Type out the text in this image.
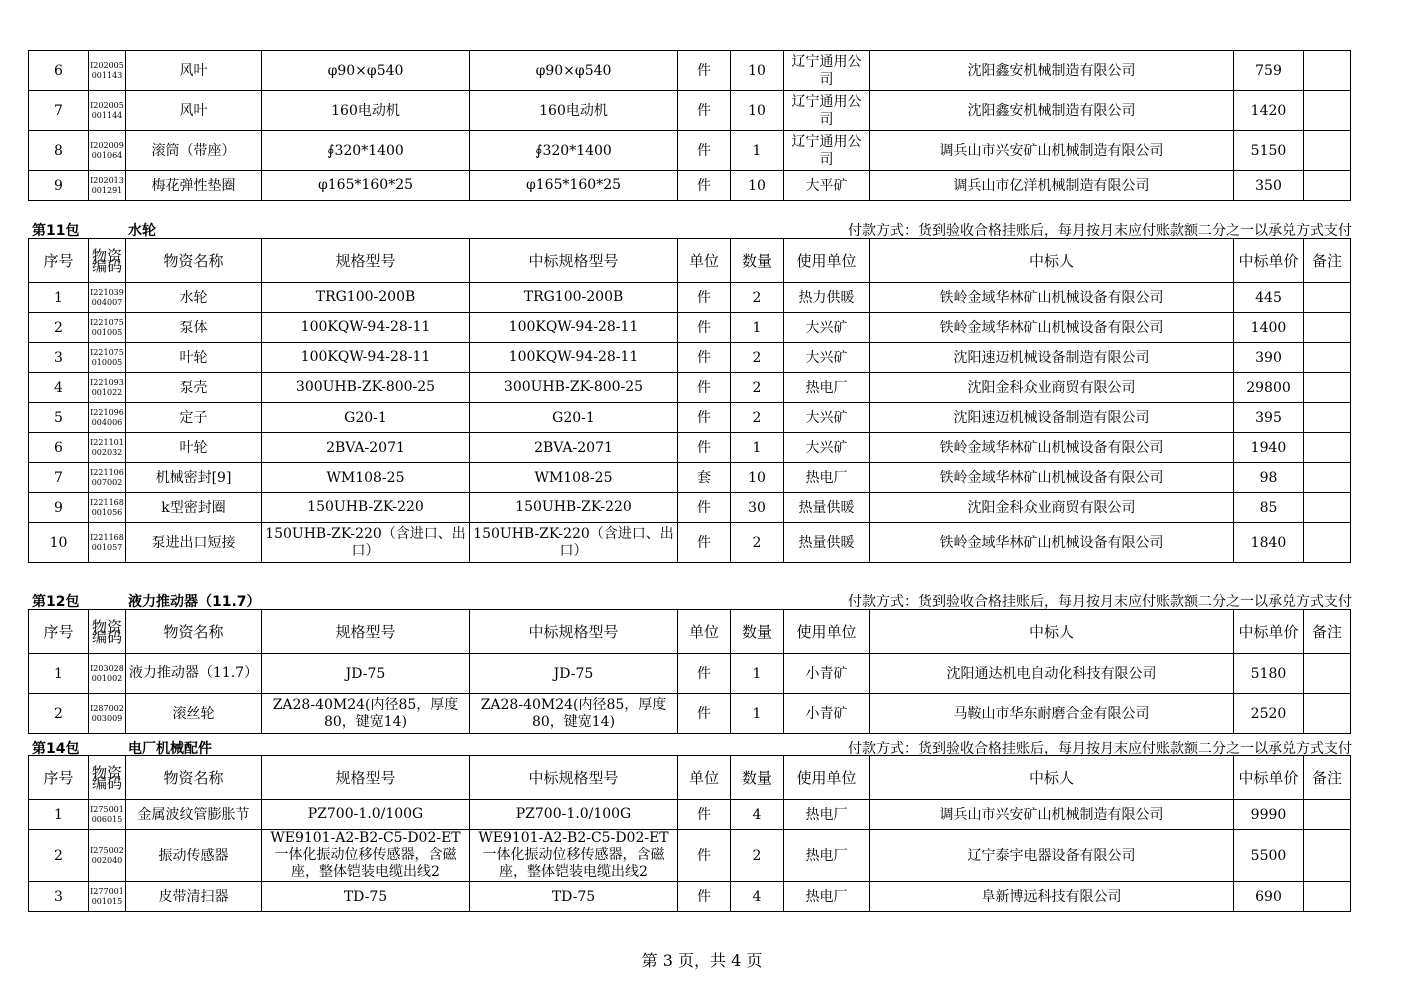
6	I202005 001143	风叶	φ90×φ540	φ90×φ540	件	10	辽宁通用公司	沈阳鑫安机械制造有限公司	759	
7	I202005 001144	风叶	160电动机	160电动机	件	10	辽宁通用公司	沈阳鑫安机械制造有限公司	1420	
8	I202009 001064	滚筒（带座）	∮320*1400	∮320*1400	件	1	辽宁通用公司	调兵山市兴安矿山机械制造有限公司	5150	
9	I202013 001291	梅花弹性垫圈	φ165*160*25	φ165*160*25	件	10	大平矿	调兵山市亿洋机械制造有限公司	350	
第11包	水轮	付款方式：货到验收合格挂账后，每月按月末应付账款额二分之一以承兑方式支付
序号	物资编码	物资名称	规格型号	中标规格型号	单位	数量	使用单位	中标人	中标单价	备注
1	I221039 004007	水轮	TRG100-200B	TRG100-200B	件	2	热力供暖	铁岭金域华林矿山机械设备有限公司	445	
2	I221075 001005	泵体	100KQW-94-28-11	100KQW-94-28-11	件	1	大兴矿	铁岭金域华林矿山机械设备有限公司	1400	
3	I221075 010005	叶轮	100KQW-94-28-11	100KQW-94-28-11	件	2	大兴矿	沈阳速迈机械设备制造有限公司	390	
4	I221093 001022	泵壳	300UHB-ZK-800-25	300UHB-ZK-800-25	件	2	热电厂	沈阳金科众业商贸有限公司	29800	
5	I221096 004006	定子	G20-1	G20-1	件	2	大兴矿	沈阳速迈机械设备制造有限公司	395	
6	I221101 002032	叶轮	2BVA-2071	2BVA-2071	件	1	大兴矿	铁岭金域华林矿山机械设备有限公司	1940	
7	I221106 007002	机械密封[9]	WM108-25	WM108-25	套	10	热电厂	铁岭金域华林矿山机械设备有限公司	98	
9	I221168 001056	k型密封圈	150UHB-ZK-220	150UHB-ZK-220	件	30	热量供暖	沈阳金科众业商贸有限公司	85	
10	I221168 001057	泵进出口短接	150UHB-ZK-220（含进口、出口）	150UHB-ZK-220（含进口、出口）	件	2	热量供暖	铁岭金域华林矿山机械设备有限公司	1840	
第12包	液力推动器（11.7）	付款方式：货到验收合格挂账后，每月按月末应付账款额二分之一以承兑方式支付
序号	物资编码	物资名称	规格型号	中标规格型号	单位	数量	使用单位	中标人	中标单价	备注
1	I203028 001002	液力推动器（11.7）	JD-75	JD-75	件	1	小青矿	沈阳通达机电自动化科技有限公司	5180	
2	I287002 003009	滚丝轮	ZA28-40M24(内径85，厚度80，键宽14)	ZA28-40M24(内径85，厚度80，键宽14)	件	1	小青矿	马鞍山市华东耐磨合金有限公司	2520	
第14包	电厂机械配件	付款方式：货到验收合格挂账后，每月按月末应付账款额二分之一以承兑方式支付
序号	物资编码	物资名称	规格型号	中标规格型号	单位	数量	使用单位	中标人	中标单价	备注
1	I275001 006015	金属波纹管膨胀节	PZ700-1.0/100G	PZ700-1.0/100G	件	4	热电厂	调兵山市兴安矿山机械制造有限公司	9990	
2	I275002 002040	振动传感器	WE9101-A2-B2-C5-D02-ET一体化振动位移传感器，含磁座，整体铠装电缆出线2	WE9101-A2-B2-C5-D02-ET一体化振动位移传感器，含磁座，整体铠装电缆出线2	件	2	热电厂	辽宁泰宇电器设备有限公司	5500	
3	I277001 001015	皮带清扫器	TD-75	TD-75	件	4	热电厂	阜新博远科技有限公司	690	
第 3 页，共 4 页
